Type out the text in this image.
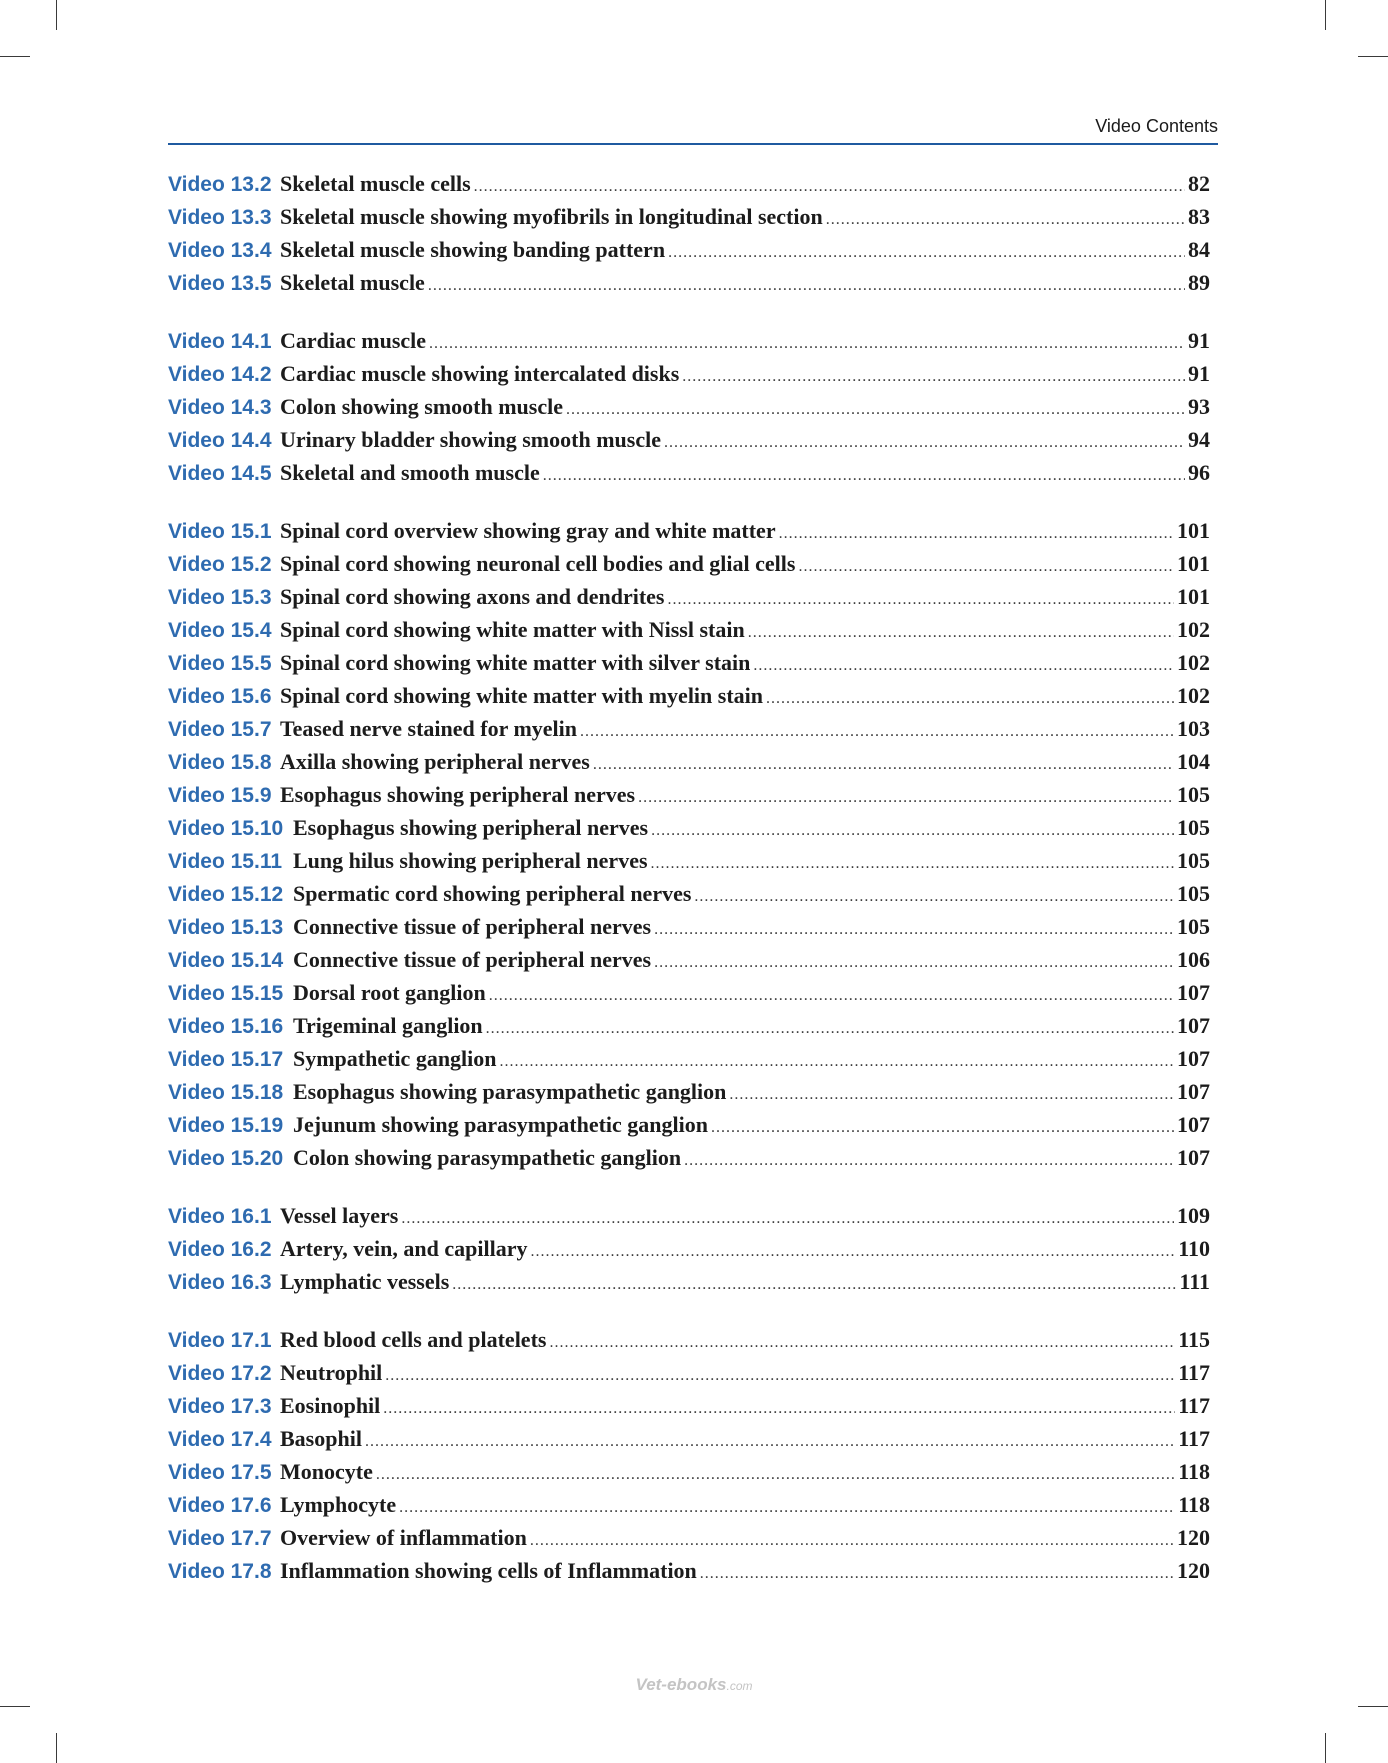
Video Contents
Video 13.2 Skeletal muscle cells .....	82
Video 13.3 Skeletal muscle showing myofibrils in longitudinal section .....	83
Video 13.4 Skeletal muscle showing banding pattern .....	84
Video 13.5 Skeletal muscle .....	89
Video 14.1 Cardiac muscle .....	91
Video 14.2 Cardiac muscle showing intercalated disks .....	91
Video 14.3 Colon showing smooth muscle .....	93
Video 14.4 Urinary bladder showing smooth muscle .....	94
Video 14.5 Skeletal and smooth muscle .....	96
Video 15.1 Spinal cord overview showing gray and white matter .....	101
Video 15.2 Spinal cord showing neuronal cell bodies and glial cells .....	101
Video 15.3 Spinal cord showing axons and dendrites .....	101
Video 15.4 Spinal cord showing white matter with Nissl stain .....	102
Video 15.5 Spinal cord showing white matter with silver stain .....	102
Video 15.6 Spinal cord showing white matter with myelin stain .....	102
Video 15.7 Teased nerve stained for myelin .....	103
Video 15.8 Axilla showing peripheral nerves .....	104
Video 15.9 Esophagus showing peripheral nerves .....	105
Video 15.10 Esophagus showing peripheral nerves .....	105
Video 15.11 Lung hilus showing peripheral nerves .....	105
Video 15.12 Spermatic cord showing peripheral nerves .....	105
Video 15.13 Connective tissue of peripheral nerves .....	105
Video 15.14 Connective tissue of peripheral nerves .....	106
Video 15.15 Dorsal root ganglion .....	107
Video 15.16 Trigeminal ganglion .....	107
Video 15.17 Sympathetic ganglion .....	107
Video 15.18 Esophagus showing parasympathetic ganglion .....	107
Video 15.19 Jejunum showing parasympathetic ganglion .....	107
Video 15.20 Colon showing parasympathetic ganglion .....	107
Video 16.1 Vessel layers .....	109
Video 16.2 Artery, vein, and capillary .....	110
Video 16.3 Lymphatic vessels .....	111
Video 17.1 Red blood cells and platelets .....	115
Video 17.2 Neutrophil .....	117
Video 17.3 Eosinophil .....	117
Video 17.4 Basophil .....	117
Video 17.5 Monocyte .....	118
Video 17.6 Lymphocyte .....	118
Video 17.7 Overview of inflammation .....	120
Video 17.8 Inflammation showing cells of Inflammation .....	120
Vet-ebooks.com
